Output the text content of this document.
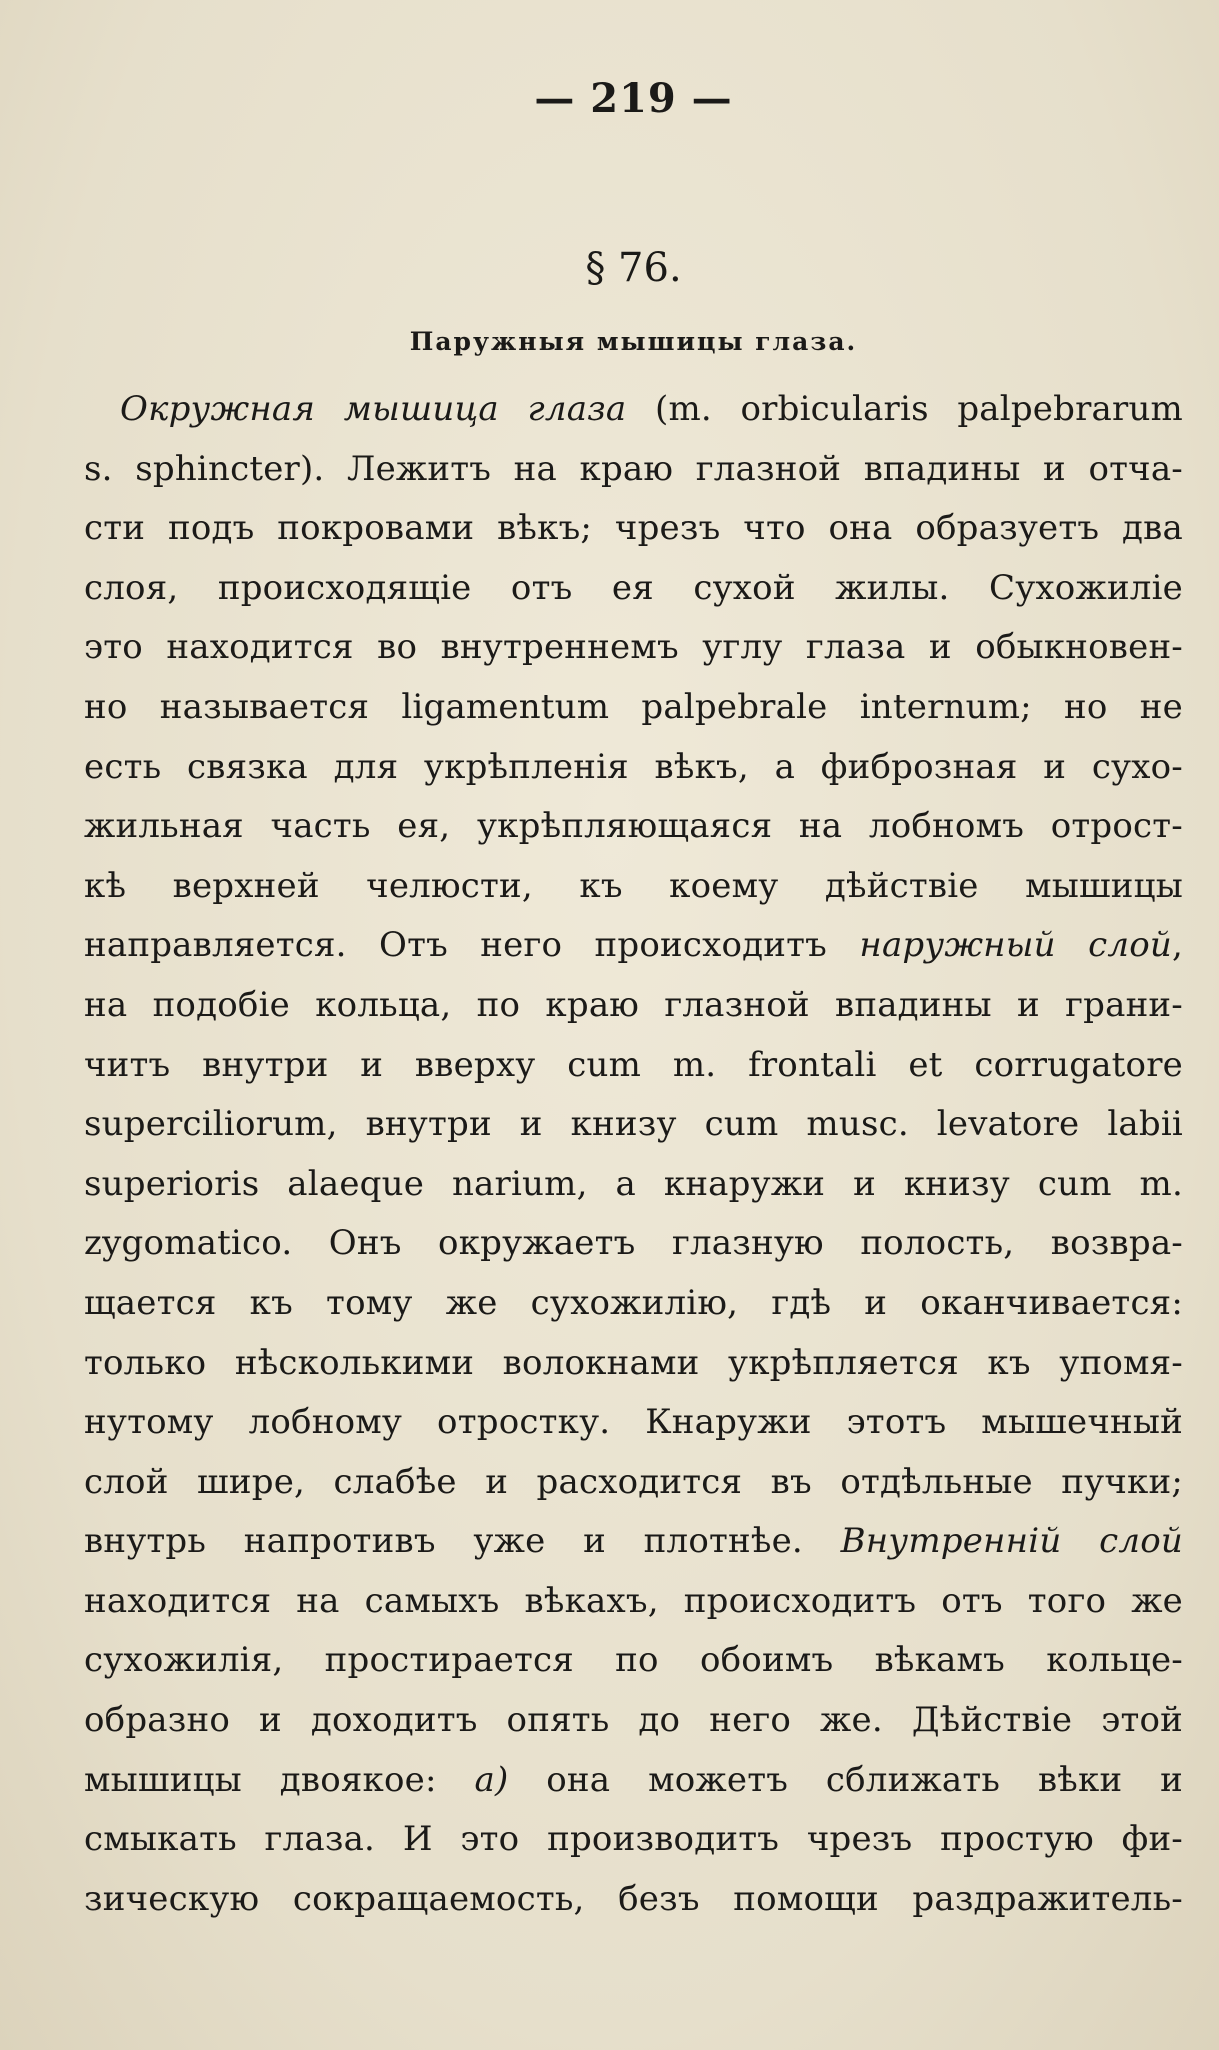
— 219 —
§ 76.
Паружныя мышицы глаза.
Окружная мышица глаза (m. orbicularis palpebrarum
s. sphincter). Лежитъ на краю глазной впадины и отча-
сти подъ покровами вѣкъ; чрезъ что она образуетъ два
слоя, происходящіе отъ ея сухой жилы. Сухожиліе
это находится во внутреннемъ углу глаза и обыкновен-
но называется ligamentum palpebrale internum; но не
есть связка для укрѣпленія вѣкъ, а фиброзная и сухо-
жильная часть ея, укрѣпляющаяся на лобномъ отрост-
кѣ верхней челюсти, къ коему дѣйствіе мышицы
направляется. Отъ него происходитъ наружный слой,
на подобіе кольца, по краю глазной впадины и грани-
читъ внутри и вверху cum m. frontali et corrugatore
superciliorum, внутри и книзу cum musc. levatore labii
superioris alaeque narium, а кнаружи и книзу cum m.
zygomatico. Онъ окружаетъ глазную полость, возвра-
щается къ тому же сухожилію, гдѣ и оканчивается:
только нѣсколькими волокнами укрѣпляется къ упомя-
нутому лобному отростку. Кнаружи этотъ мышечный
слой шире, слабѣе и расходится въ отдѣльные пучки;
внутрь напротивъ уже и плотнѣе. Внутренній слой
находится на самыхъ вѣкахъ, происходитъ отъ того же
сухожилія, простирается по обоимъ вѣкамъ кольце-
образно и доходитъ опять до него же. Дѣйствіе этой
мышицы двоякое: a) она можетъ сближать вѣки и
смыкать глаза. И это производитъ чрезъ простую фи-
зическую сокращаемость, безъ помощи раздражитель-
